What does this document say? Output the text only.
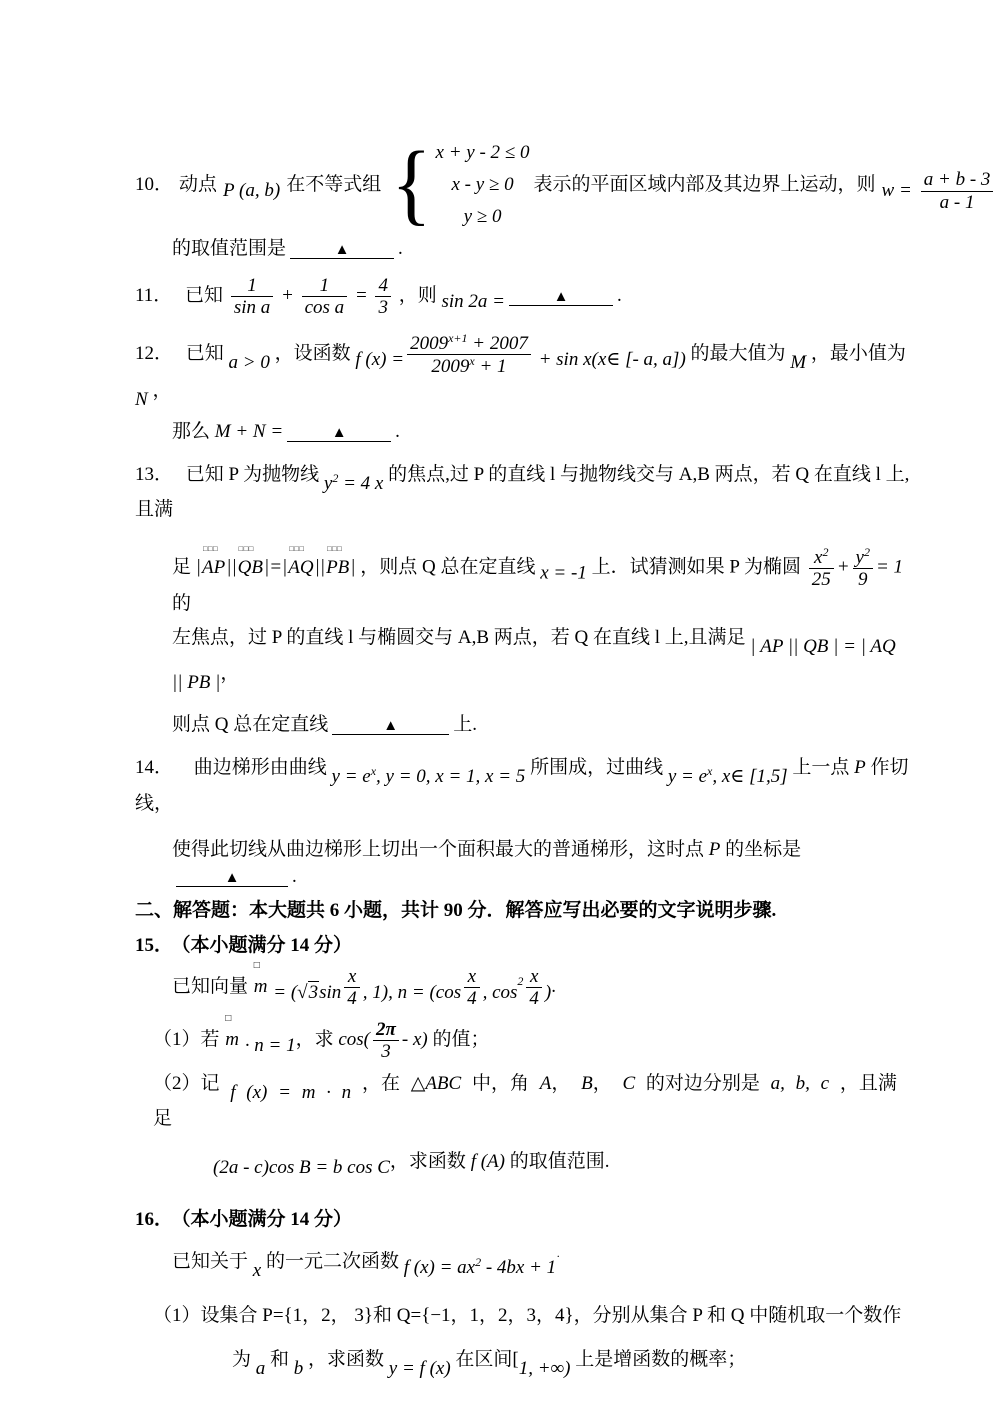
10． 动点 P (a, b) 在不等式组 { x + y - 2 ≤ 0
x - y ≥ 0
y ≥ 0
表示的平面区域内部及其边界上运动，则 $w = \frac{a + b - 3}{a - 1}$
的取值范围是	▲	.
11． 已知 $\frac{1}{\text{sin a}} + \frac{1}{\text{cos a}} = \frac{4}{3}$ ，则 sin 2a =	▲	.
12． 已知 a > 0 ，设函数 f $(x) = \frac{2009^{x+1} + 2007}{2009^x + 1} + \sin$ x(x∈ [- a, a]) 的最大值为 M ，最小值为 N ，
那么 M + N =	▲	.
13． 已知 P 为抛物线 $y^2 = 4$ x 的焦点,过 P 的直线 l 与抛物线交与 A,B 两点，若 Q 在直线 l 上,且满
足 |
□□□
AP||
□□□
QB|=|
□□□
AQ||
□□□
PB| ，则点 Q 总在定直线 x = -1 上．试猜测如果 P 为椭圆 $\frac{x^2}{25} + \frac{y^2}{9} = 1$ 的
左焦点，过 P 的直线 l 与椭圆交与 A,B 两点，若 Q 在直线 l 上,且满足 | AP || QB | = | AQ || PB |，
则点 Q 总在定直线	▲	上.
14． 曲边梯形由曲线 $y = e^x$, y = 0, x = 1, x = 5 所围成，过曲线 $y = e^x$, x∈ [1,5] 上一点 P 作切线，
使得此切线从曲边梯形上切出一个面积最大的普通梯形，这时点 P 的坐标是▲	.
二、解答题：本大题共 6 小题，共计 90 分．解答应写出必要的文字说明步骤.
15． （本小题满分 14 分）
已知向量
□
$m = (√3\sin \frac{x}{4}$ , 1), $n = (\cos \frac{x}{4}$ , $\cos^2 \frac{x}{4}$ ).
（1）若
□
m · n = 1，求 $\cos( \frac{2\pi}{3} - x)$ 的值；
（2）记 f (x) = m · n ，在 △ABC 中，角 A， B， C 的对边分别是 a, b, c ，且满足
(2a - c)cos B = b cos C，求函数 f (A) 的取值范围.
16． （本小题满分 14 分）
已知关于 x 的一元二次函数 f $(x) = ax^2 - 4bx + 1^\cdot$
（1）设集合 P={1，2， 3}和 Q={−1，1，2，3，4}，分别从集合 P 和 Q 中随机取一个数作
为 a 和 b ，求函数 y = f (x) 在区间[1, +∞) 上是增函数的概率；
